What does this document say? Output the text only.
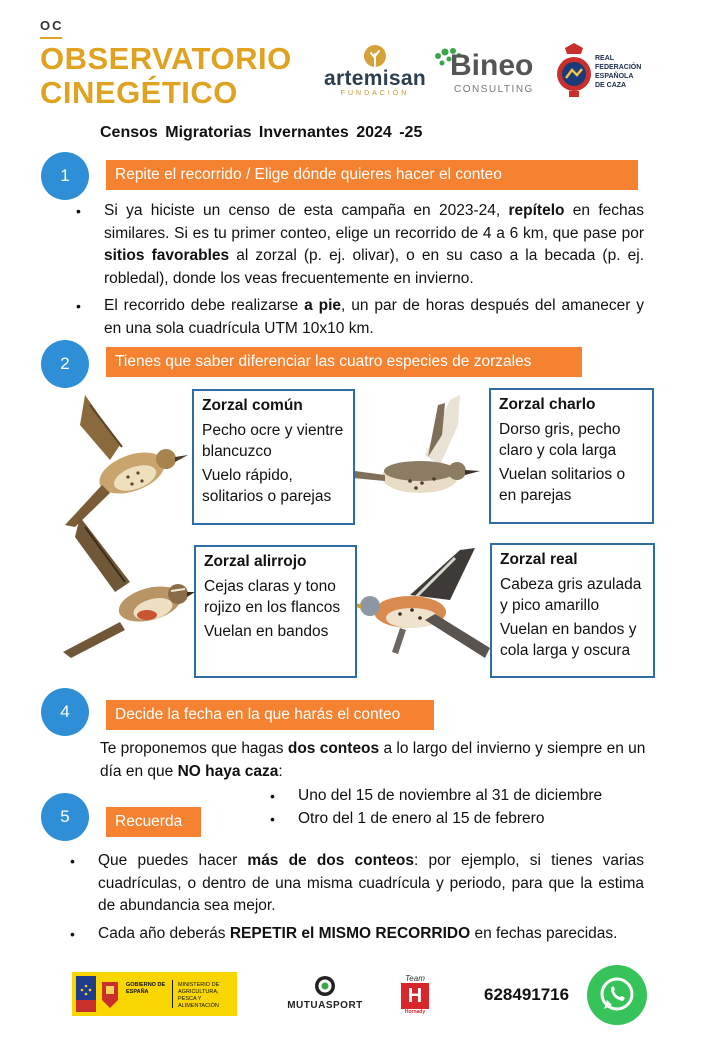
OC
OBSERVATORIO
CINEGÉTICO	artemisan
FUNDACIÓN
Bineo
CONSULTING
REAL
FEDERACIÓN
ESPAÑOLA
DE CAZA
Censos Migratorias Invernantes 2024 -25
1	Repite el recorrido / Elige dónde quieres hacer el conteo
• Si ya hiciste un censo de esta campaña en 2023-24, repítelo en fechas similares. Si es tu primer conteo, elige un recorrido de 4 a 6 km, que pase por sitios favorables al zorzal (p. ej. olivar), o en su caso a la becada (p. ej. robledal), donde los veas frecuentemente en invierno.
• El recorrido debe realizarse a pie, un par de horas después del amanecer y en una sola cuadrícula UTM 10x10 km.
2	Tienes que saber diferenciar las cuatro especies de zorzales
Zorzal común
Pecho ocre y vientre blancuzco
Vuelo rápido, solitarios o parejas
Zorzal charlo
Dorso gris, pecho claro y cola larga
Vuelan solitarios o en parejas
Zorzal alirrojo
Cejas claras y tono rojizo en los flancos
Vuelan en bandos
Zorzal real
Cabeza gris azulada y pico amarillo
Vuelan en bandos y cola larga y oscura
4	Decide la fecha en la que harás el conteo
Te proponemos que hagas dos conteos a lo largo del invierno y siempre en un día en que NO haya caza:
• Uno del 15 de noviembre al 31 de diciembre
• Otro del 1 de enero al 15 de febrero
5	Recuerda
• Que puedes hacer más de dos conteos: por ejemplo, si tienes varias cuadrículas, o dentro de una misma cuadrícula y periodo, para que la estima de abundancia sea mejor.
• Cada año deberás REPETIR el MISMO RECORRIDO en fechas parecidas.
GOBIERNO DE ESPAÑA
MINISTERIO DE AGRICULTURA, PESCA Y ALIMENTACIÓN	MUTUASPORT
Team
H
Hornady
628491716
